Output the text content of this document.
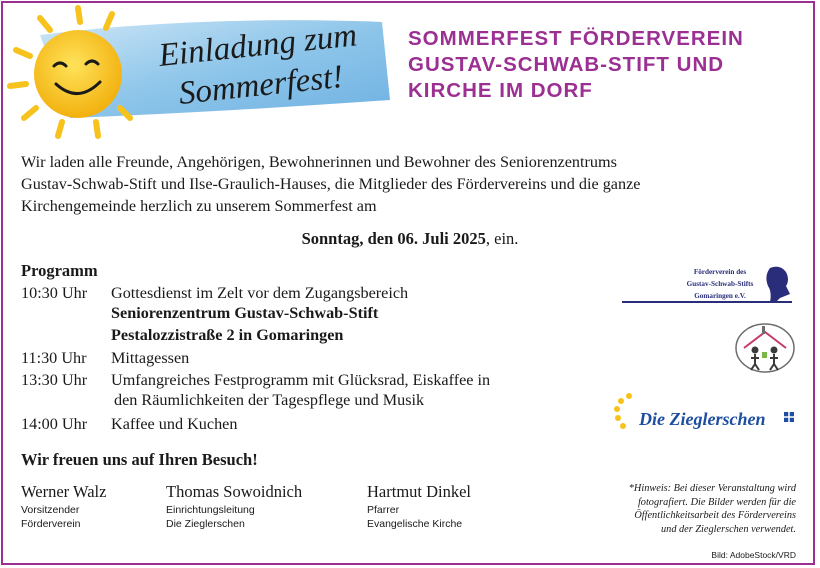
Einladung zum
Sommerfest!
SOMMERFEST FÖRDERVEREIN
GUSTAV-SCHWAB-STIFT UND
KIRCHE IM DORF
Wir laden alle Freunde, Angehörigen, Bewohnerinnen und Bewohner des Seniorenzentrums
Gustav-Schwab-Stift und Ilse-Graulich-Hauses, die Mitglieder des Fördervereins und die ganze
Kirchengemeinde herzlich zu unserem Sommerfest am
Sonntag, den 06. Juli 2025, ein.
Programm
10:30 Uhr Gottesdienst im Zelt vor dem Zugangsbereich
Seniorenzentrum Gustav-Schwab-Stift
Pestalozzistraße 2 in Gomaringen
11:30 Uhr Mittagessen
13:30 Uhr Umfangreiches Festprogramm mit Glücksrad, Eiskaffee in
den Räumlichkeiten der Tagespflege und Musik
14:00 Uhr Kaffee und Kuchen
Wir freuen uns auf Ihren Besuch!
Werner Walz
Vorsitzender
Förderverein
Thomas Sowoidnich
Einrichtungsleitung
Die Zieglerschen
Hartmut Dinkel
Pfarrer
Evangelische Kirche
*Hinweis: Bei dieser Veranstaltung wird
fotografiert. Die Bilder werden für die
Öffentlichkeitsarbeit des Fördervereins
und der Zieglerschen verwendet.
Bild: AdobeStock/VRD
Förderverein des
Gustav-Schwab-Stifts
Gomaringen e.V.
Die Zieglerschen
